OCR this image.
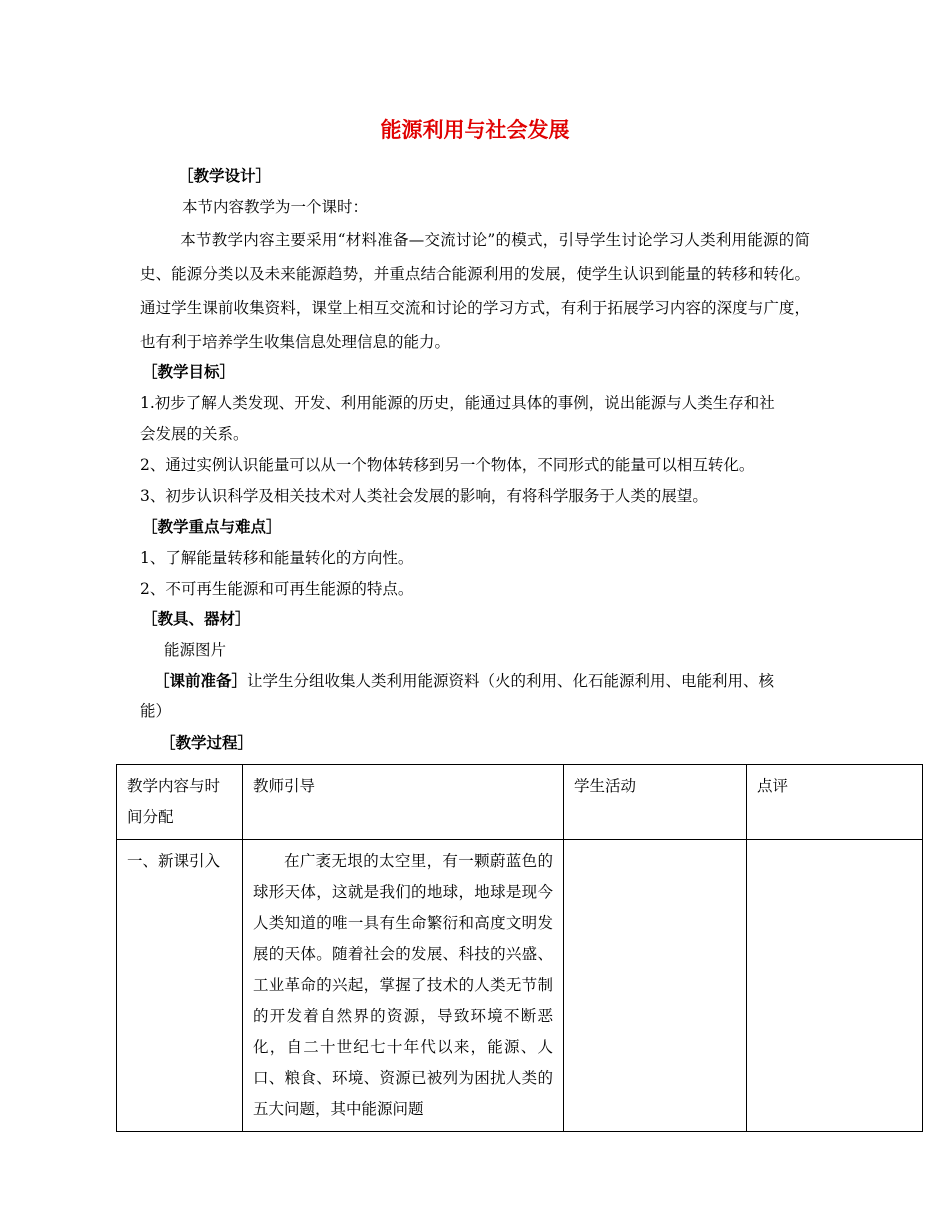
能源利用与社会发展
［教学设计］
本节内容教学为一个课时：
本节教学内容主要采用“材料准备—交流讨论”的模式，引导学生讨论学习人类利用能源的简史、能源分类以及未来能源趋势，并重点结合能源利用的发展，使学生认识到能量的转移和转化。通过学生课前收集资料，课堂上相互交流和讨论的学习方式，有利于拓展学习内容的深度与广度，也有利于培养学生收集信息处理信息的能力。
［教学目标］
1.初步了解人类发现、开发、利用能源的历史，能通过具体的事例，说出能源与人类生存和社
会发展的关系。
2、通过实例认识能量可以从一个物体转移到另一个物体，不同形式的能量可以相互转化。
3、初步认识科学及相关技术对人类社会发展的影响，有将科学服务于人类的展望。
［教学重点与难点］
1、了解能量转移和能量转化的方向性。
2、不可再生能源和可再生能源的特点。
［教具、器材］
能源图片
［课前准备］让学生分组收集人类利用能源资料（火的利用、化石能源利用、电能利用、核
能）
［教学过程］
教学内容与时间分配	教师引导	学生活动	点评
一、新课引入	在广袤无垠的太空里，有一颗蔚蓝色的球形天体，这就是我们的地球，地球是现今人类知道的唯一具有生命繁衍和高度文明发展的天体。随着社会的发展、科技的兴盛、工业革命的兴起，掌握了技术的人类无节制的开发着自然界的资源，导致环境不断恶化，自二十世纪七十年代以来，能源、人口、粮食、环境、资源已被列为困扰人类的五大问题，其中能源问题		
